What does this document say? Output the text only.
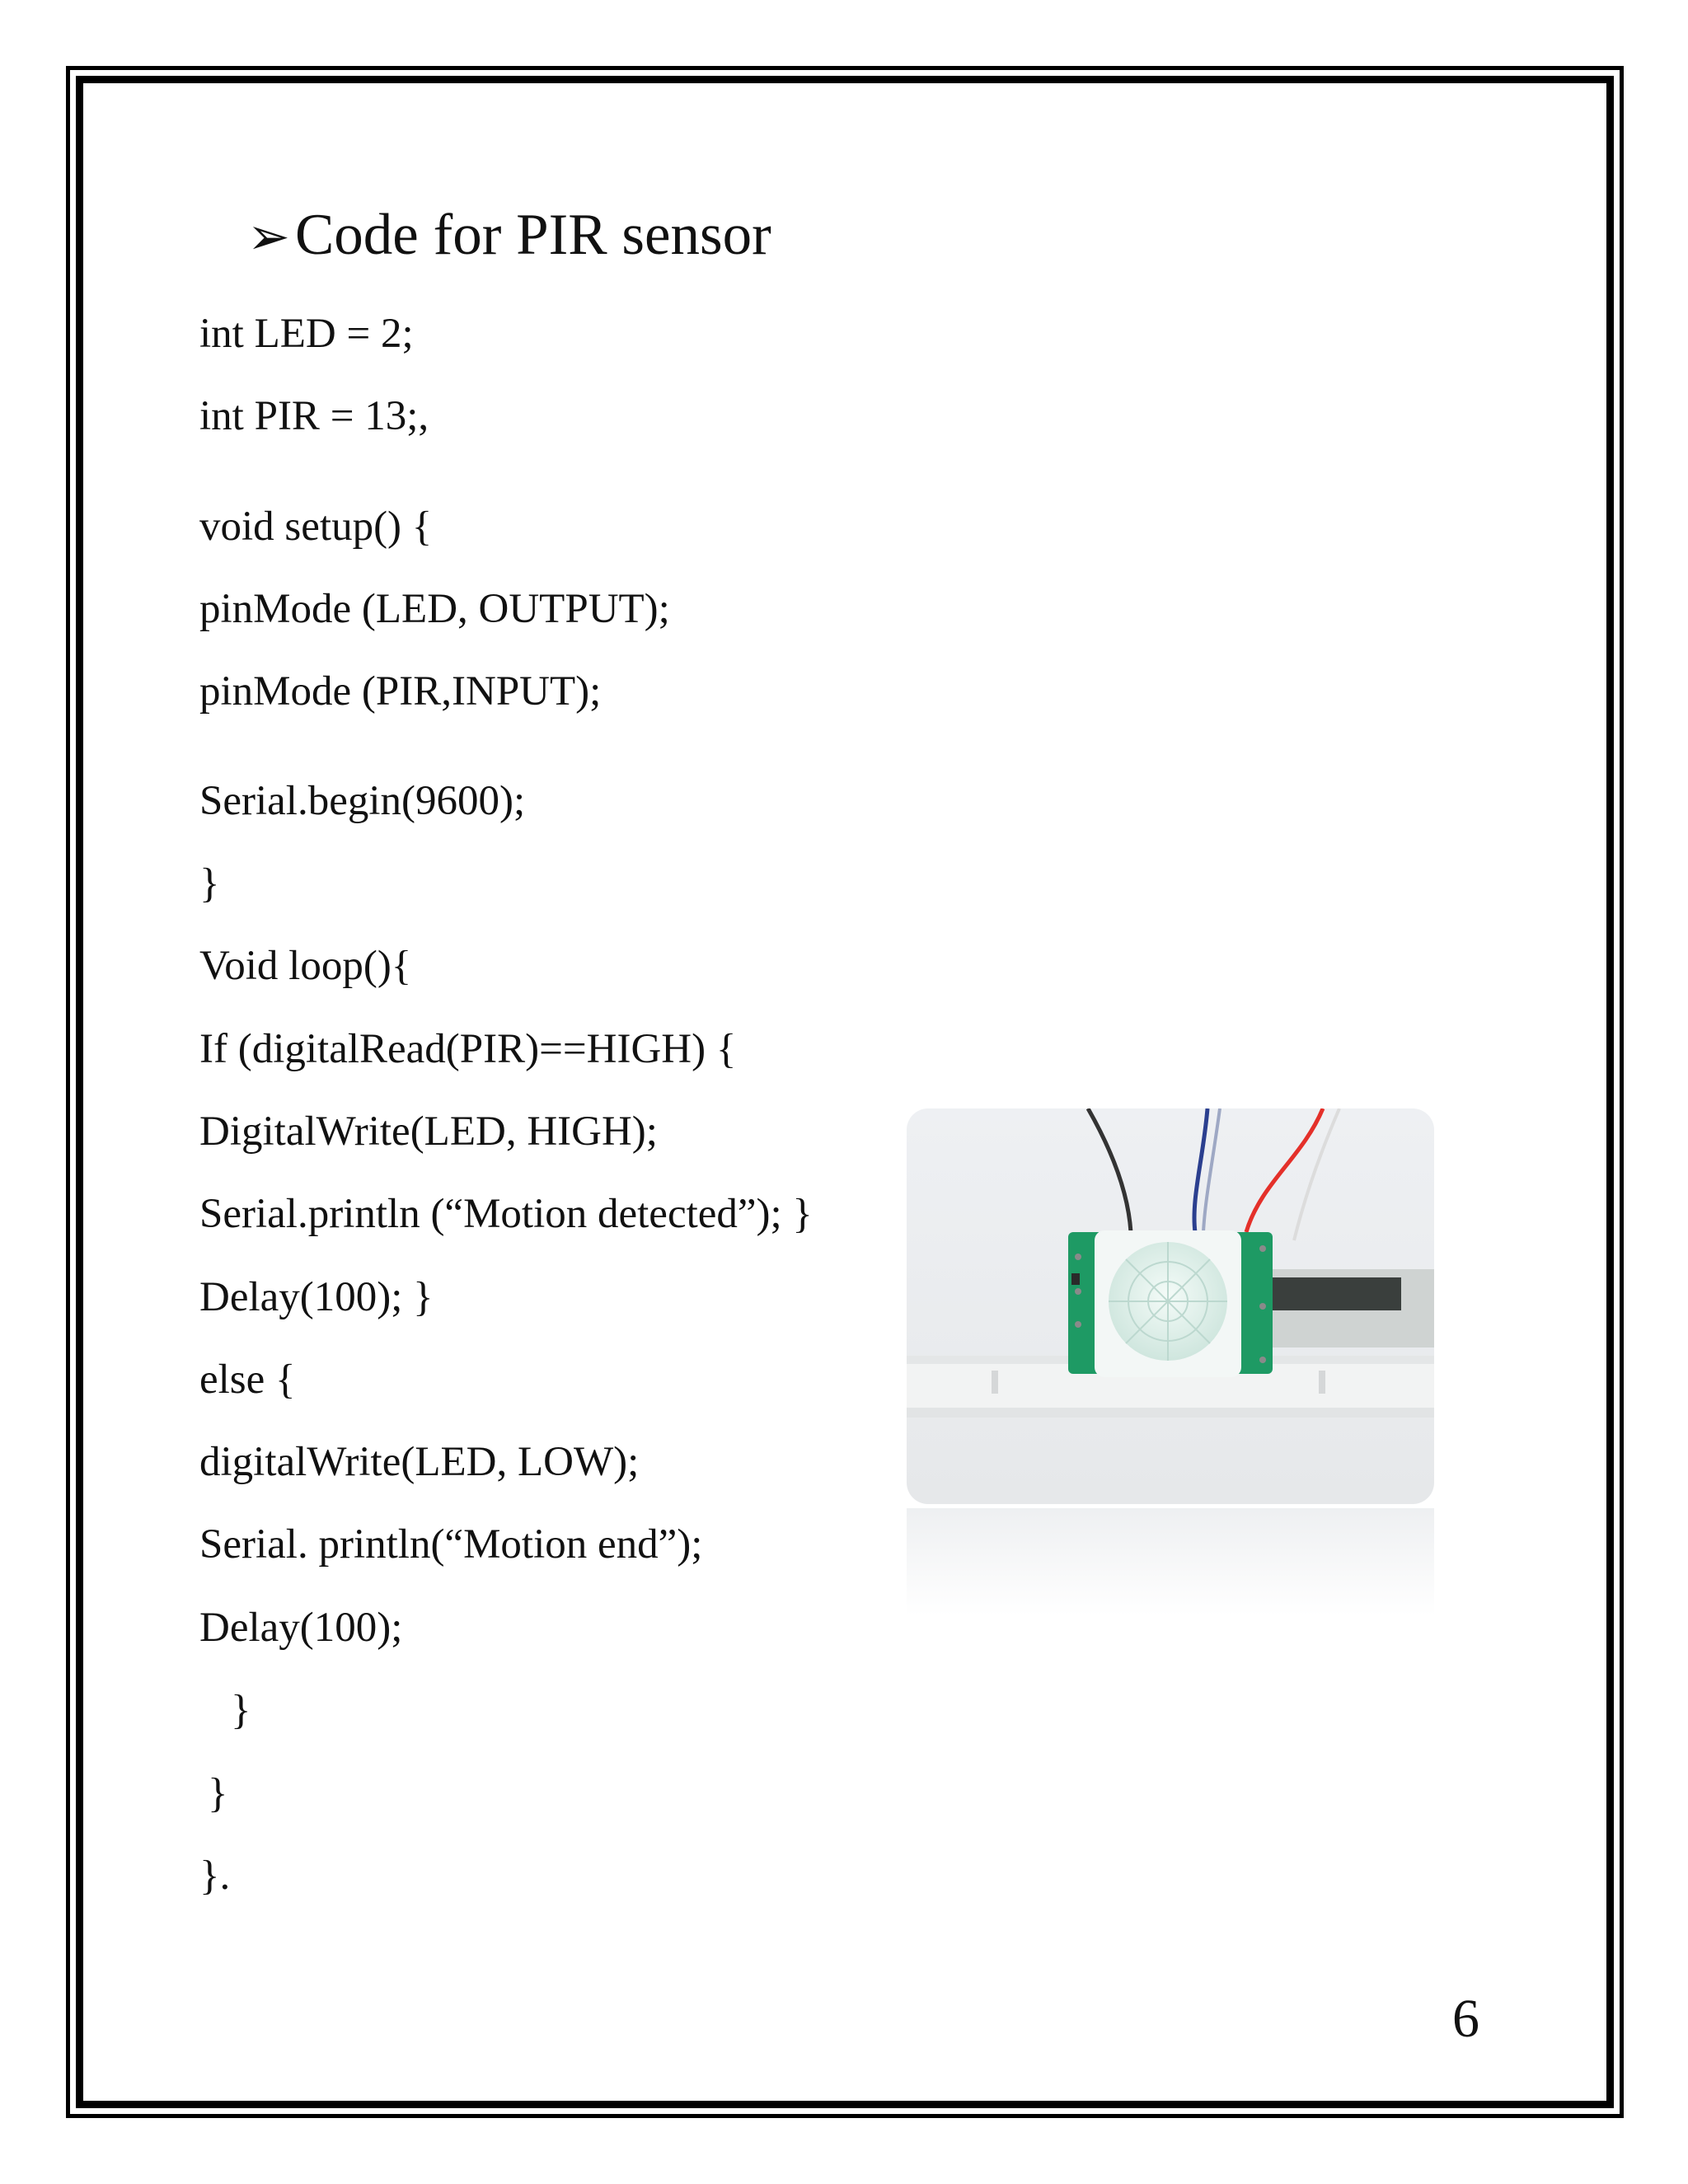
➢Code for PIR sensor
int LED = 2;
int PIR = 13;,
void setup() {
pinMode (LED, OUTPUT);
pinMode (PIR,INPUT);
Serial.begin(9600);
}
Void loop(){
If (digitalRead(PIR)==HIGH) {
DigitalWrite(LED, HIGH);
Serial.println (“Motion detected”); }
Delay(100); }
else {
digitalWrite(LED, LOW);
Serial. println(“Motion end”);
Delay(100);
}
}
}.
6
